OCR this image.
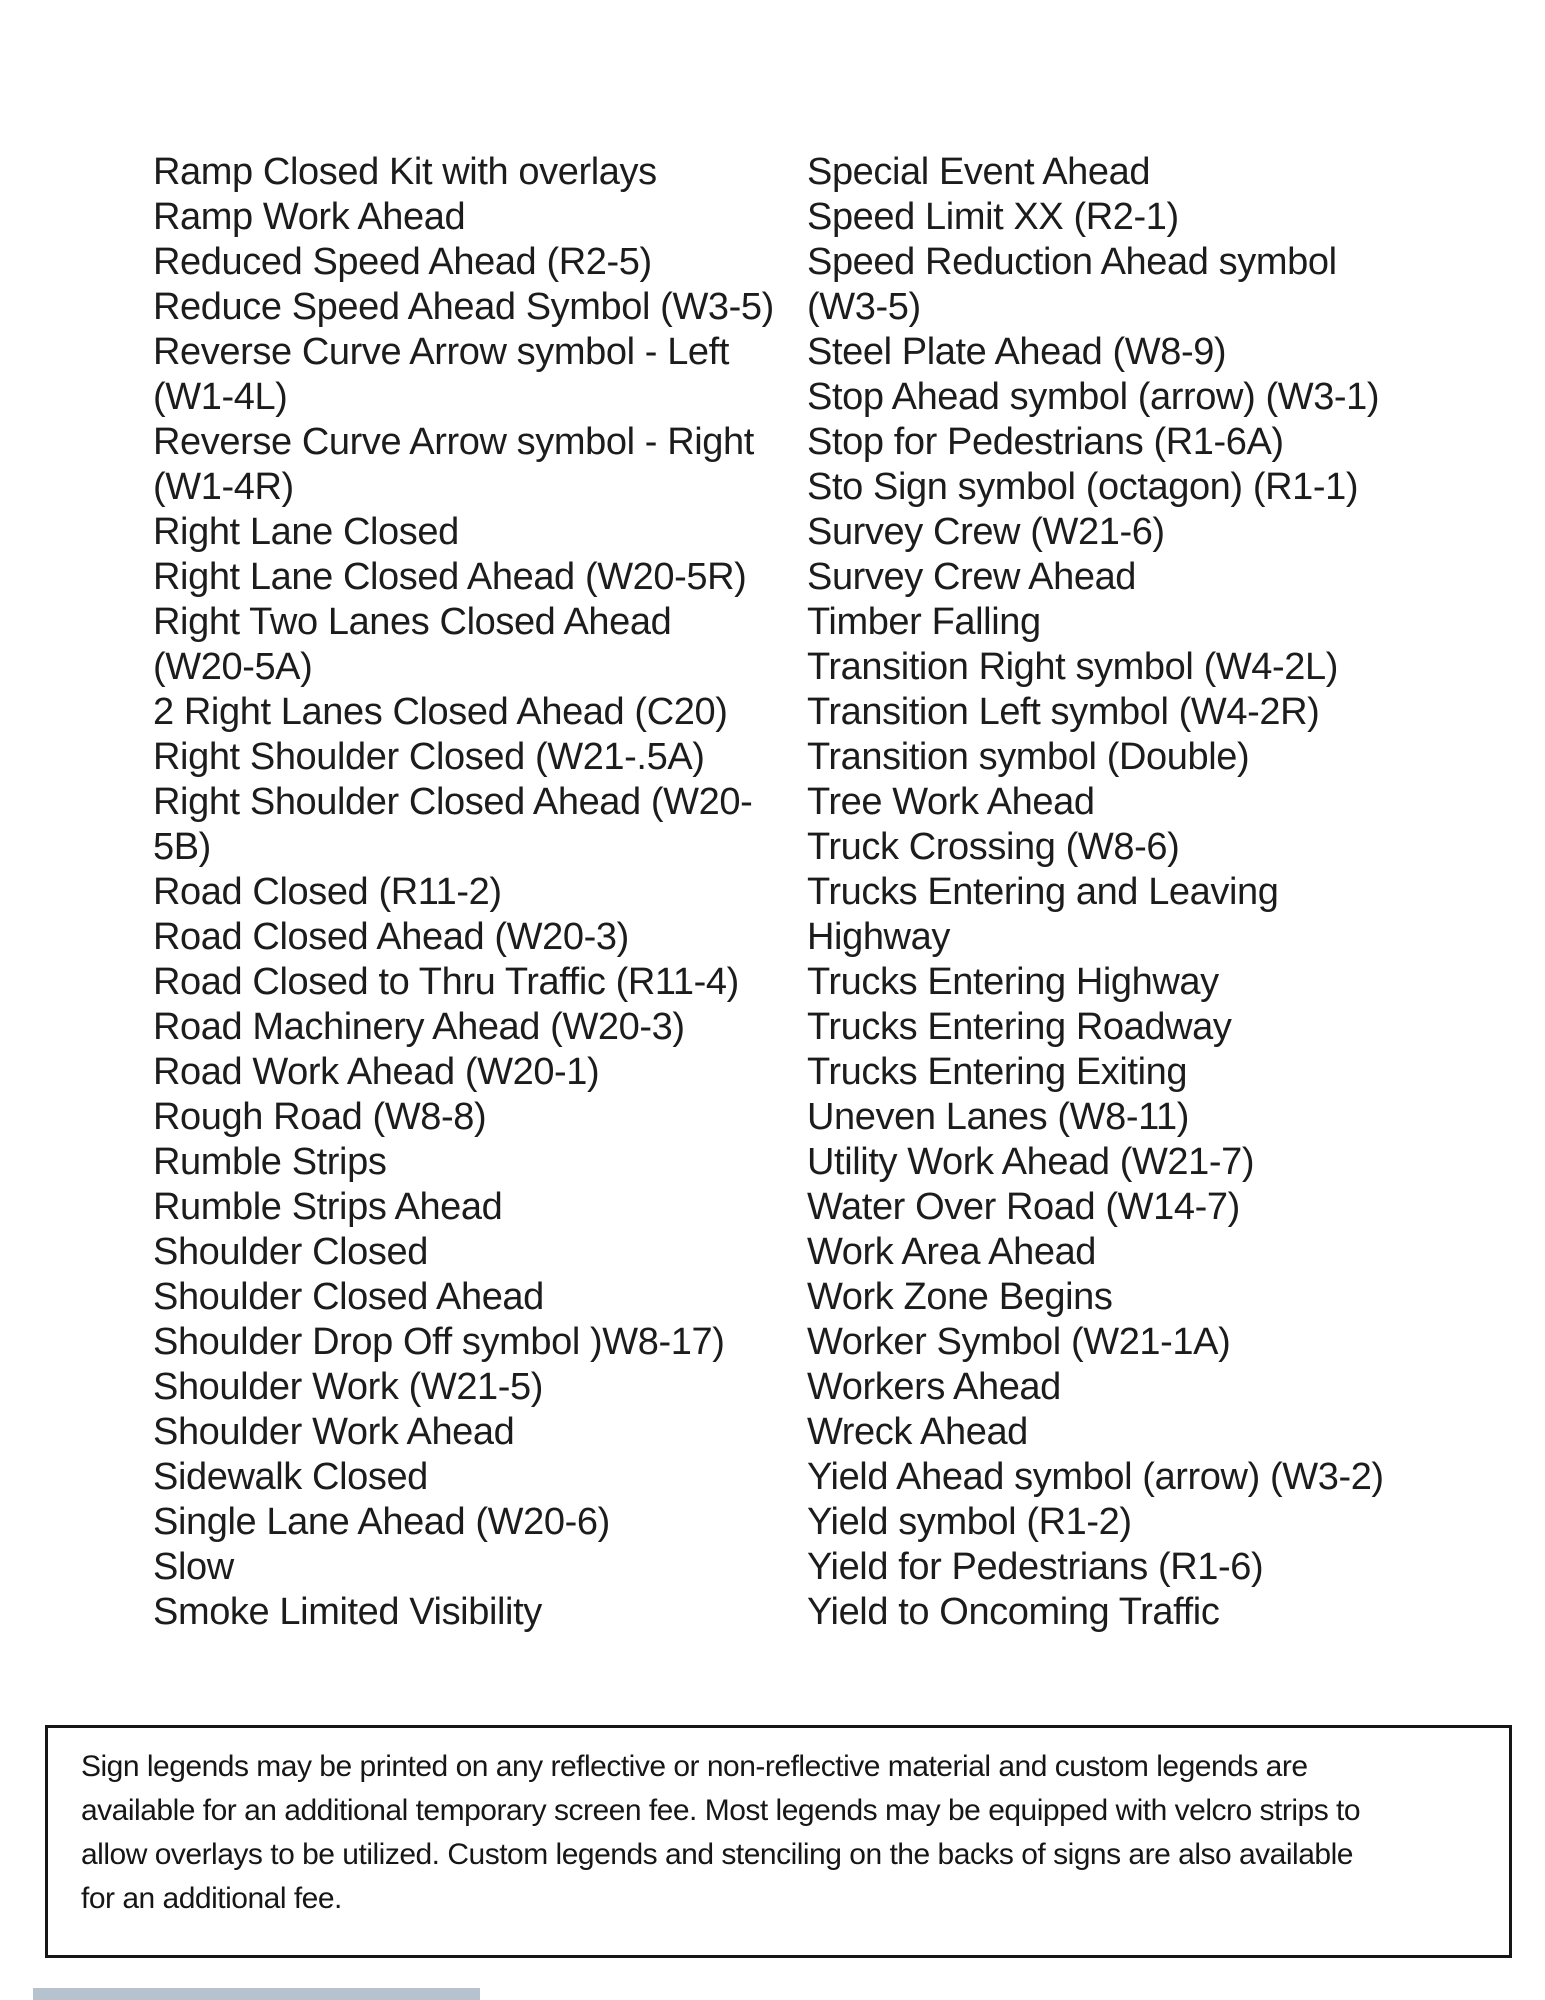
Ramp Closed Kit with overlays
Ramp Work Ahead
Reduced Speed Ahead (R2-5)
Reduce Speed Ahead Symbol (W3-5)
Reverse Curve Arrow symbol - Left
(W1-4L)
Reverse Curve Arrow symbol - Right
(W1-4R)
Right Lane Closed
Right Lane Closed Ahead (W20-5R)
Right Two Lanes Closed Ahead
(W20-5A)
2 Right Lanes Closed Ahead (C20)
Right Shoulder Closed (W21-.5A)
Right Shoulder Closed Ahead (W20-
5B)
Road Closed (R11-2)
Road Closed Ahead (W20-3)
Road Closed to Thru Traffic (R11-4)
Road Machinery Ahead (W20-3)
Road Work Ahead (W20-1)
Rough Road (W8-8)
Rumble Strips
Rumble Strips Ahead
Shoulder Closed
Shoulder Closed Ahead
Shoulder Drop Off symbol )W8-17)
Shoulder Work (W21-5)
Shoulder Work Ahead
Sidewalk Closed
Single Lane Ahead (W20-6)
Slow
Smoke Limited Visibility
Special Event Ahead
Speed Limit XX (R2-1)
Speed Reduction Ahead symbol
(W3-5)
Steel Plate Ahead (W8-9)
Stop Ahead symbol (arrow) (W3-1)
Stop for Pedestrians (R1-6A)
Sto Sign symbol (octagon) (R1-1)
Survey Crew (W21-6)
Survey Crew Ahead
Timber Falling
Transition Right symbol (W4-2L)
Transition Left symbol (W4-2R)
Transition symbol (Double)
Tree Work Ahead
Truck Crossing (W8-6)
Trucks Entering and Leaving
Highway
Trucks Entering Highway
Trucks Entering Roadway
Trucks Entering Exiting
Uneven Lanes (W8-11)
Utility Work Ahead (W21-7)
Water Over Road (W14-7)
Work Area Ahead
Work Zone Begins
Worker Symbol (W21-1A)
Workers Ahead
Wreck Ahead
Yield Ahead symbol (arrow) (W3-2)
Yield symbol (R1-2)
Yield for Pedestrians (R1-6)
Yield to Oncoming Traffic
Sign legends may be printed on any reflective or non-reflective material and custom legends are
available for an additional temporary screen fee. Most legends may be equipped with velcro strips to
allow overlays to be utilized. Custom legends and stenciling on the backs of signs are also available
for an additional fee.
